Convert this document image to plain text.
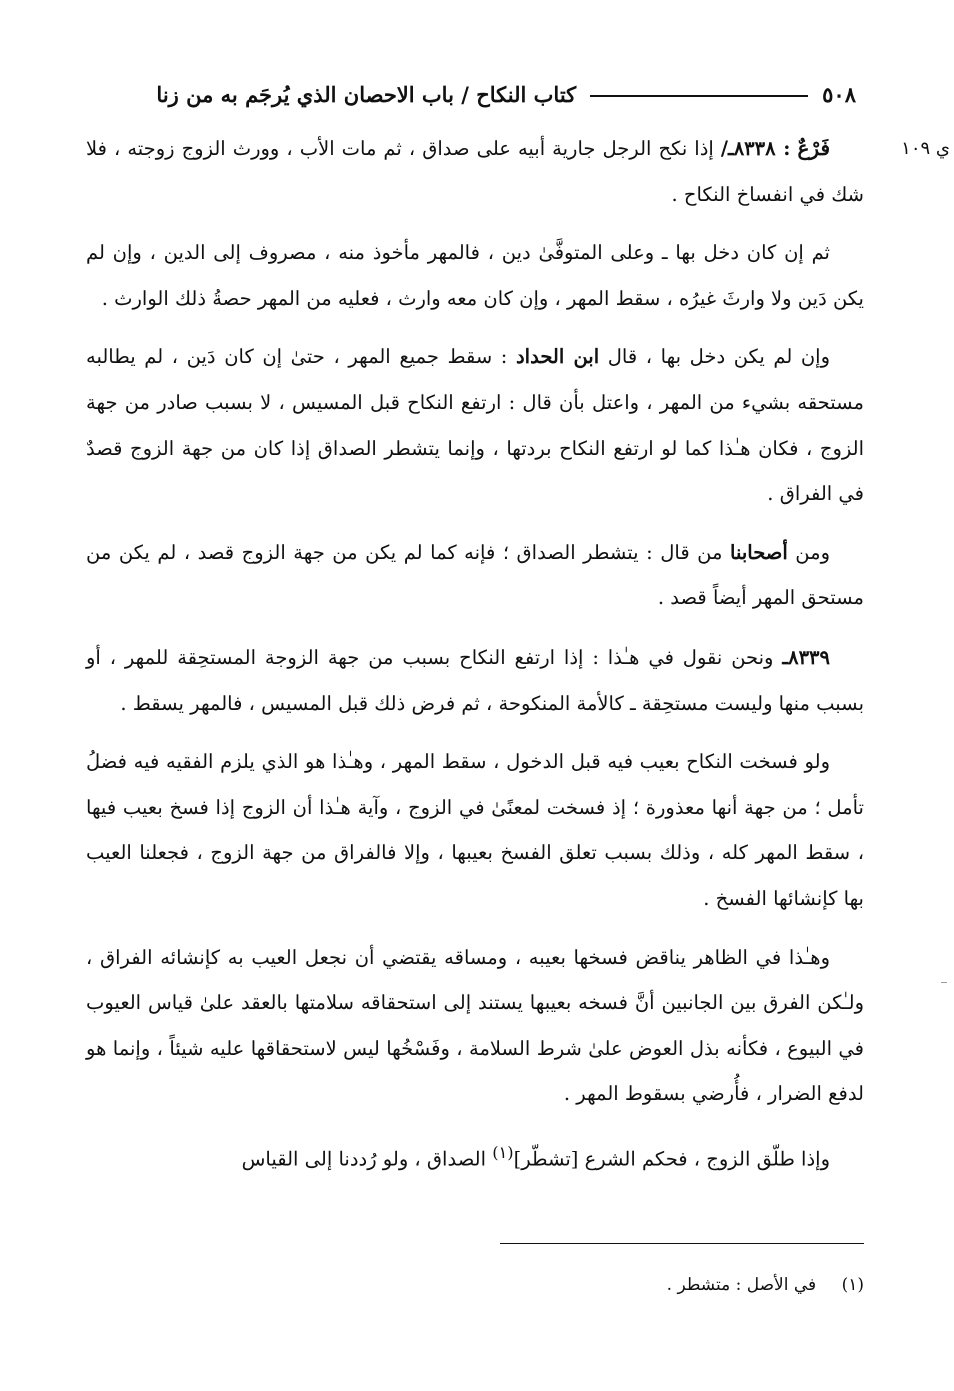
٥٠٨
كتاب النكاح / باب الاحصان الذي يُرجَم به من زنا
ي ١٠٩

فَرْعٌ : ٨٣٣٨ـ/ إذا نكح الرجل جارية أبيه على صداق ، ثم مات الأب ، وورث الزوج زوجته ، فلا شك في انفساخ النكاح .

ثم إن كان دخل بها ـ وعلى المتوفَّىٰ دين ، فالمهر مأخوذ منه ، مصروف إلى الدين ، وإن لم يكن دَين ولا وارثَ غيرُه ، سقط المهر ، وإن كان معه وارث ، فعليه من المهر حصةُ ذلك الوارث .

وإن لم يكن دخل بها ، قال ابن الحداد : سقط جميع المهر ، حتىٰ إن كان دَين ، لم يطالبه مستحقه بشيء من المهر ، واعتل بأن قال : ارتفع النكاح قبل المسيس ، لا بسبب صادر من جهة الزوج ، فكان هـٰذا كما لو ارتفع النكاح بردتها ، وإنما يتشطر الصداق إذا كان من جهة الزوج قصدٌ في الفراق .

ومن أصحابنا من قال : يتشطر الصداق ؛ فإنه كما لم يكن من جهة الزوج قصد ، لم يكن من مستحق المهر أيضاً قصد .

٨٣٣٩ـ ونحن نقول في هـٰذا : إذا ارتفع النكاح بسبب من جهة الزوجة المستحِقة للمهر ، أو بسبب منها وليست مستحِقة ـ كالأمة المنكوحة ، ثم فرض ذلك قبل المسيس ، فالمهر يسقط .

ولو فسخت النكاح بعيب فيه قبل الدخول ، سقط المهر ، وهـٰذا هو الذي يلزم الفقيه فيه فضلُ تأمل ؛ من جهة أنها معذورة ؛ إذ فسخت لمعنًىٰ في الزوج ، وآية هـٰذا أن الزوج إذا فسخ بعيب فيها ، سقط المهر كله ، وذلك بسبب تعلق الفسخ بعيبها ، وإلا فالفراق من جهة الزوج ، فجعلنا العيب بها كإنشائها الفسخ .

وهـٰذا في الظاهر يناقض فسخها بعيبه ، ومساقه يقتضي أن نجعل العيب به كإنشائه الفراق ، ولـٰكن الفرق بين الجانبين أنَّ فسخه بعيبها يستند إلى استحقاقه سلامتها بالعقد علىٰ قياس العيوب في البيوع ، فكأنه بذل العوض علىٰ شرط السلامة ، وفَسْخُها ليس لاستحقاقها عليه شيئاً ، وإنما هو لدفع الضرار ، فأُرضي بسقوط المهر .

وإذا طلّق الزوج ، فحكم الشرع [تشطّر]$^{(١)}$ الصداق ، ولو رُددنا إلى القياس

(١) في الأصل : متشطر .
